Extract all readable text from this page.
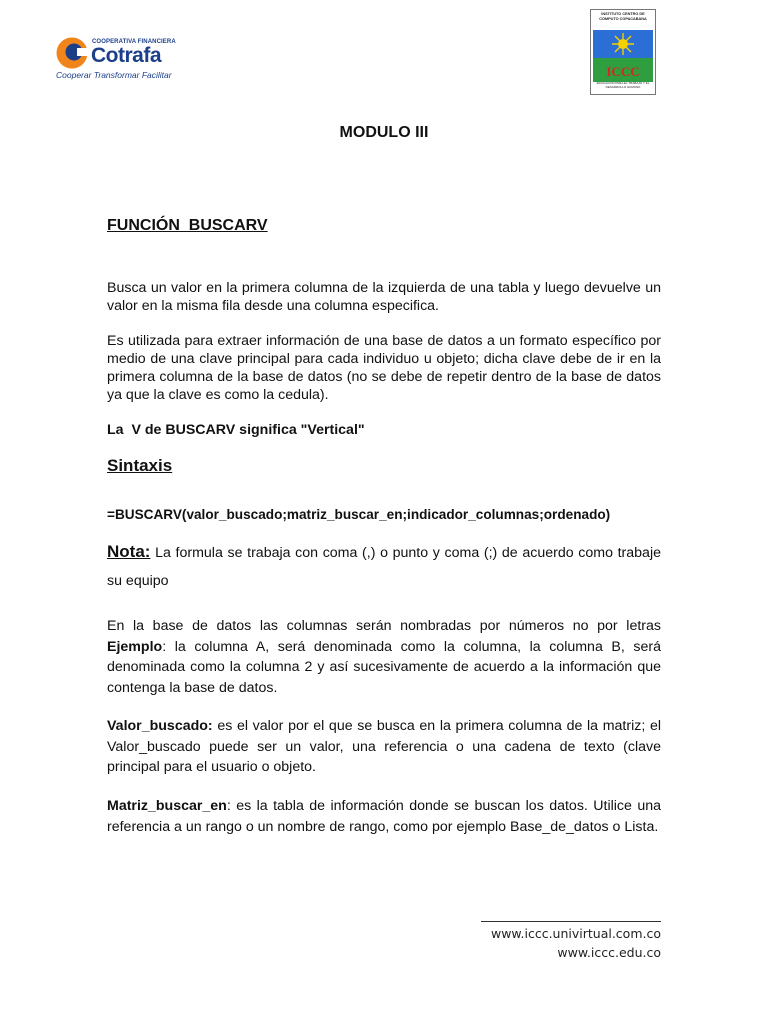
COOPERATIVA FINANCIERA
Cotrafa
Cooperar Transformar Facilitar
INSTITUTO CENTRO DE COMPUTO COPACABANA
ICCC
EDUCACION PARA EL TRABAJO Y EL DESARROLLO HUMANO
MODULO III
FUNCIÓN  BUSCARV

Busca un valor en la primera columna de la izquierda de una tabla y luego devuelve un valor en la misma fila desde una columna especifica.

Es utilizada para extraer información de una base de datos a un formato específico por medio de una clave principal para cada individuo u objeto; dicha clave debe de ir en la primera columna de la base de datos (no se debe de repetir dentro de la base de datos ya que la clave es como la cedula).

La  V de BUSCARV significa "Vertical"
Sintaxis
=BUSCARV(valor_buscado;matriz_buscar_en;indicador_columnas;ordenado)

Nota: La formula se trabaja con coma (,) o punto y coma (;) de acuerdo como trabaje su equipo

En la base de datos las columnas serán nombradas por números no por letras Ejemplo: la columna A, será denominada como la columna, la columna B, será denominada como la columna 2 y así sucesivamente de acuerdo a la información que contenga la base de datos.

Valor_buscado: es el valor por el que se busca en la primera columna de la matriz; el Valor_buscado puede ser un valor, una referencia o una cadena de texto (clave principal para el usuario o objeto.

Matriz_buscar_en: es la tabla de información donde se buscan los datos. Utilice una referencia a un rango o un nombre de rango, como por ejemplo Base_de_datos o Lista.

www.iccc.univirtual.com.co
www.iccc.edu.co
